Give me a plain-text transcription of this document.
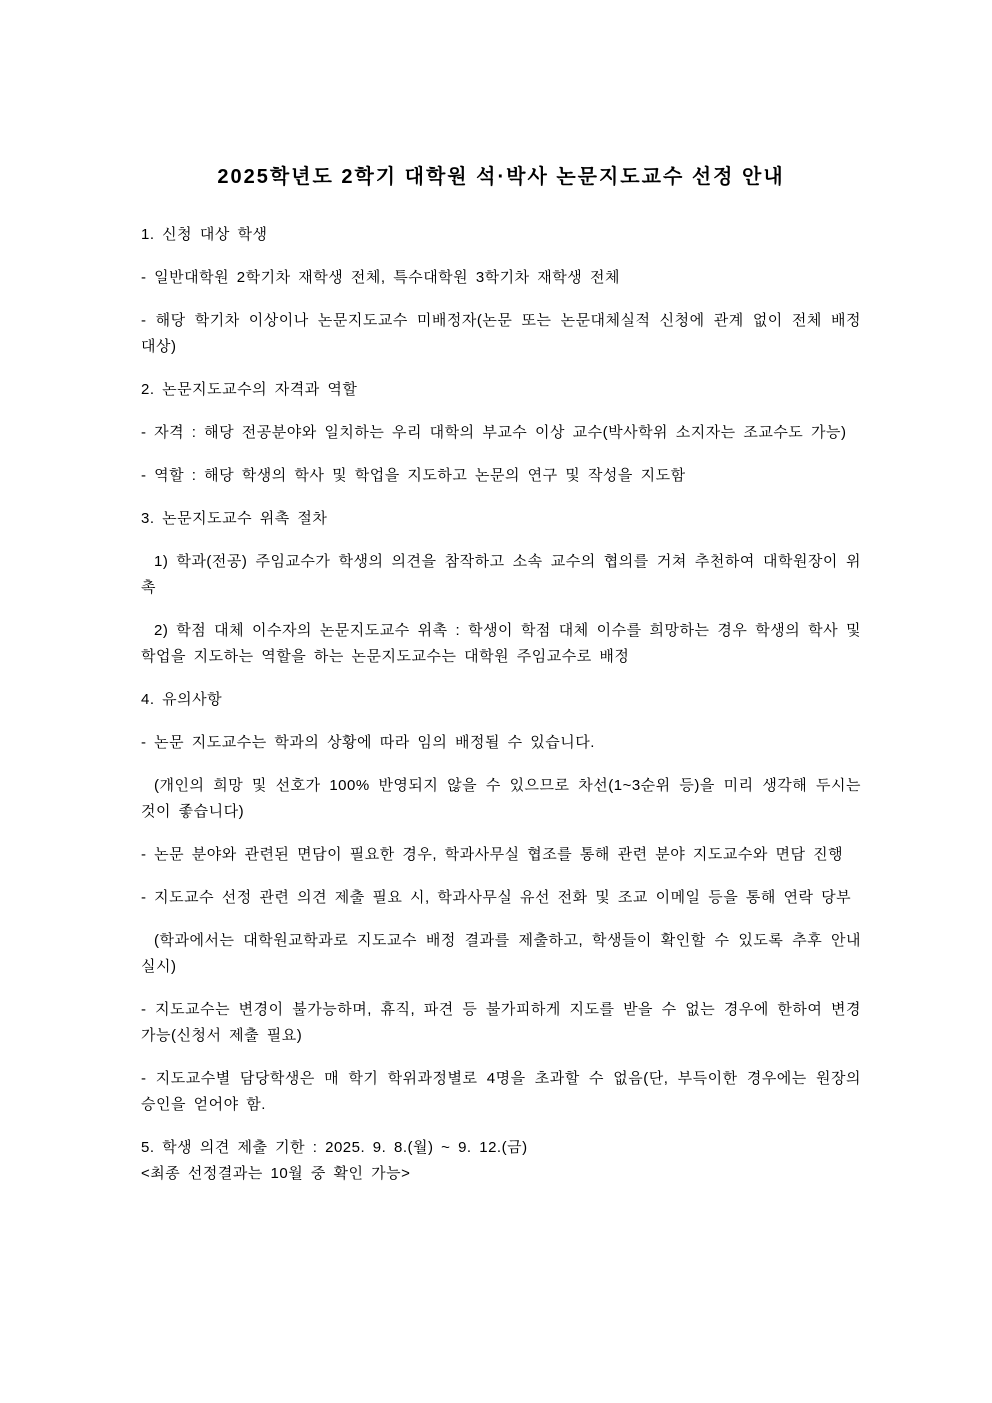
2025학년도 2학기 대학원 석·박사 논문지도교수 선정 안내

1. 신청 대상 학생

- 일반대학원 2학기차 재학생 전체, 특수대학원 3학기차 재학생 전체

- 해당 학기차 이상이나 논문지도교수 미배정자(논문 또는 논문대체실적 신청에 관계 없이 전체 배정 대상)

2. 논문지도교수의 자격과 역할

- 자격 : 해당 전공분야와 일치하는 우리 대학의 부교수 이상 교수(박사학위 소지자는 조교수도 가능)

- 역할 : 해당 학생의 학사 및 학업을 지도하고 논문의 연구 및 작성을 지도함

3. 논문지도교수 위촉 절차

1) 학과(전공) 주임교수가 학생의 의견을 참작하고 소속 교수의 협의를 거쳐 추천하여 대학원장이 위촉

2) 학점 대체 이수자의 논문지도교수 위촉 : 학생이 학점 대체 이수를 희망하는 경우 학생의 학사 및 학업을 지도하는 역할을 하는 논문지도교수는 대학원 주임교수로 배정

4. 유의사항

- 논문 지도교수는 학과의 상황에 따라 임의 배정될 수 있습니다.

(개인의 희망 및 선호가 100% 반영되지 않을 수 있으므로 차선(1~3순위 등)을 미리 생각해 두시는 것이 좋습니다)

- 논문 분야와 관련된 면담이 필요한 경우, 학과사무실 협조를 통해 관련 분야 지도교수와 면담 진행

- 지도교수 선정 관련 의견 제출 필요 시, 학과사무실 유선 전화 및 조교 이메일 등을 통해 연락 당부

(학과에서는 대학원교학과로 지도교수 배정 결과를 제출하고, 학생들이 확인할 수 있도록 추후 안내 실시)

- 지도교수는 변경이 불가능하며, 휴직, 파견 등 불가피하게 지도를 받을 수 없는 경우에 한하여 변경 가능(신청서 제출 필요)

- 지도교수별 담당학생은 매 학기 학위과정별로 4명을 초과할 수 없음(단, 부득이한 경우에는 원장의 승인을 얻어야 함.

5. 학생 의견 제출 기한 : 2025. 9. 8.(월) ~ 9. 12.(금)

<최종 선정결과는 10월 중 확인 가능>
